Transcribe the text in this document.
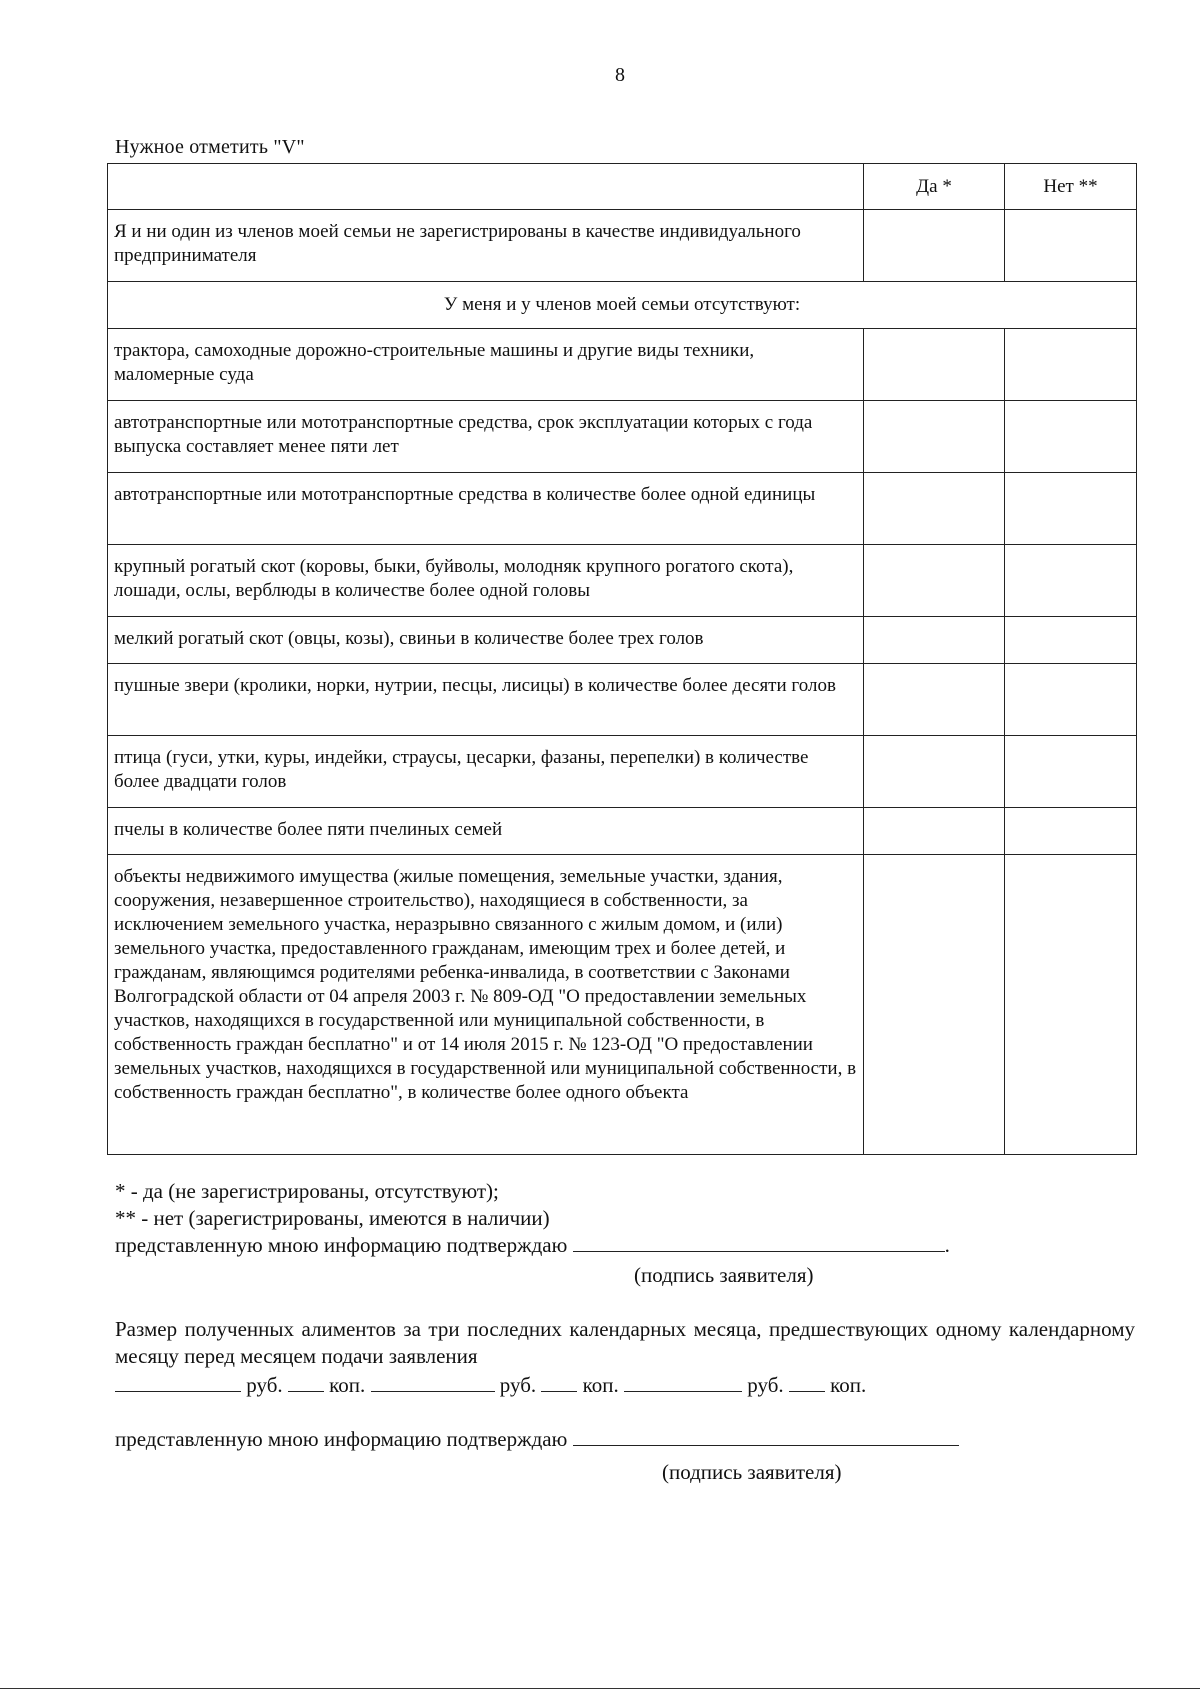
8
Нужное отметить "V"
	Да *	Нет **

Я и ни один из членов моей семьи не зарегистрированы в качестве индивидуального предпринимателя		

У меня и у членов моей семьи отсутствуют:		

трактора, самоходные дорожно-строительные машины и другие виды техники, маломерные суда		

автотранспортные или мототранспортные средства, срок эксплуатации которых с года выпуска составляет менее пяти лет		

автотранспортные или мототранспортные средства в количестве более одной единицы		

крупный рогатый скот (коровы, быки, буйволы, молодняк крупного рогатого скота), лошади, ослы, верблюды в количестве более одной головы		

мелкий рогатый скот (овцы, козы), свиньи в количестве более трех голов		

пушные звери (кролики, норки, нутрии, песцы, лисицы) в количестве более десяти голов		

птица (гуси, утки, куры, индейки, страусы, цесарки, фазаны, перепелки) в количестве более двадцати голов		

пчелы в количестве более пяти пчелиных семей		

объекты недвижимого имущества (жилые помещения, земельные участки, здания, сооружения, незавершенное строительство), находящиеся в собственности, за исключением земельного участка, неразрывно связанного с жилым домом, и (или) земельного участка, предоставленного гражданам, имеющим трех и более детей, и гражданам, являющимся родителями ребенка-инвалида, в соответствии с Законами Волгоградской области от 04 апреля 2003 г. № 809-ОД "О предоставлении земельных участков, находящихся в государственной или муниципальной собственности, в собственность граждан бесплатно" и от 14 июля 2015 г. № 123-ОД "О предоставлении земельных участков, находящихся в государственной или муниципальной собственности, в собственность граждан бесплатно", в количестве более одного объекта		

* - да (не зарегистрированы, отсутствуют);
** - нет (зарегистрированы, имеются в наличии)
представленную мною информацию подтверждаю	.
(подпись заявителя)
Размер полученных алиментов за три последних календарных месяца, предшествующих одному календарному месяцу перед месяцем подачи заявления
руб. коп.	руб. коп.	руб. коп.
представленную мною информацию подтверждаю
(подпись заявителя)
